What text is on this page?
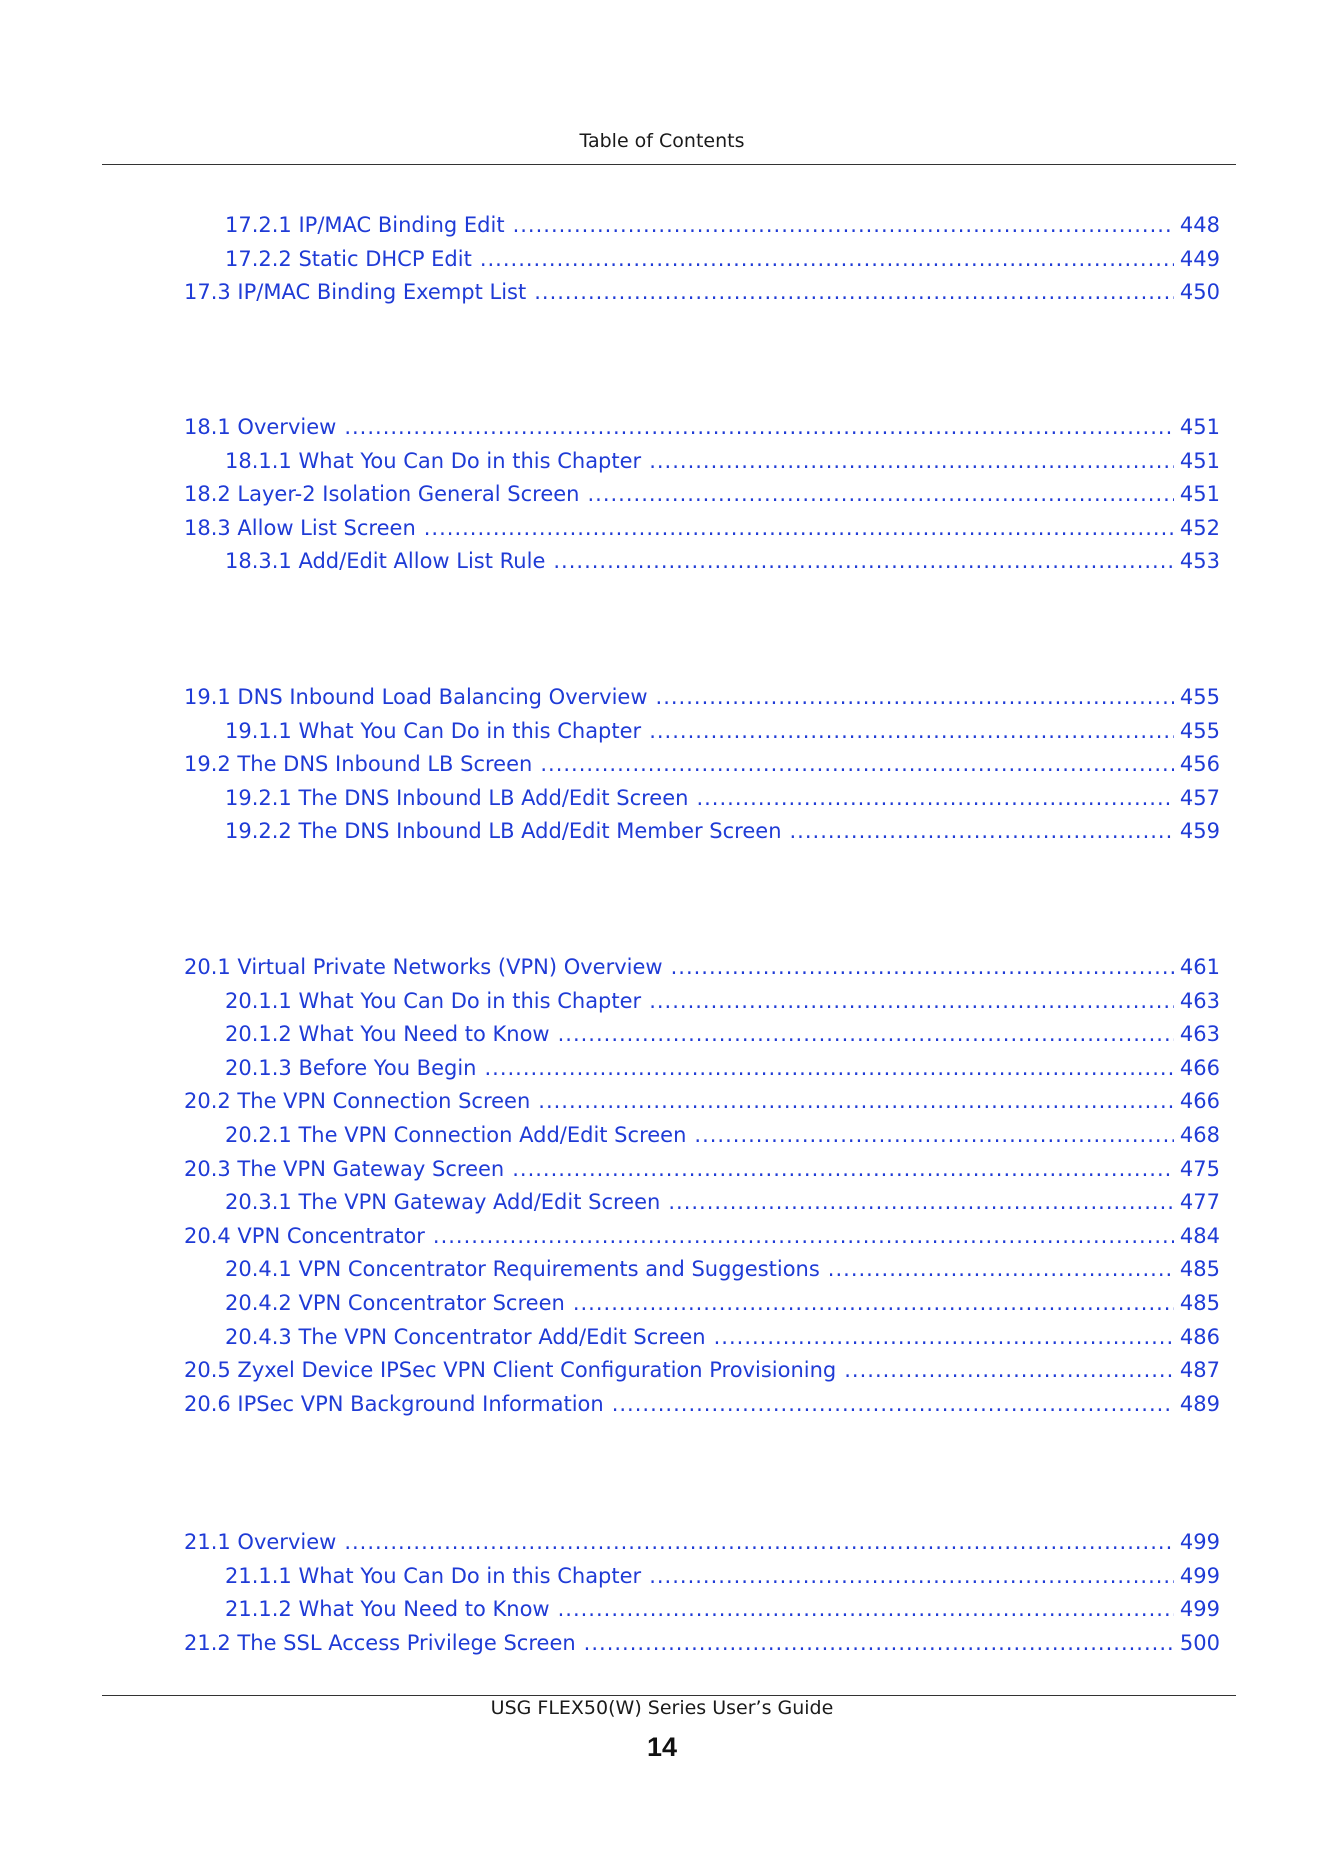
Table of Contents
17.2.1 IP/MAC Binding Edit .....	448
17.2.2 Static DHCP Edit .....	449
17.3 IP/MAC Binding Exempt List .....	450
18.1 Overview .....	451
18.1.1 What You Can Do in this Chapter .....	451
18.2 Layer-2 Isolation General Screen .....	451
18.3 Allow List Screen .....	452
18.3.1 Add/Edit Allow List Rule .....	453
19.1 DNS Inbound Load Balancing Overview .....	455
19.1.1 What You Can Do in this Chapter .....	455
19.2 The DNS Inbound LB Screen .....	456
19.2.1 The DNS Inbound LB Add/Edit Screen .....	457
19.2.2 The DNS Inbound LB Add/Edit Member Screen .....	459
20.1 Virtual Private Networks (VPN) Overview .....	461
20.1.1 What You Can Do in this Chapter .....	463
20.1.2 What You Need to Know .....	463
20.1.3 Before You Begin .....	466
20.2 The VPN Connection Screen .....	466
20.2.1 The VPN Connection Add/Edit Screen .....	468
20.3 The VPN Gateway Screen .....	475
20.3.1 The VPN Gateway Add/Edit Screen .....	477
20.4 VPN Concentrator .....	484
20.4.1 VPN Concentrator Requirements and Suggestions .....	485
20.4.2 VPN Concentrator Screen .....	485
20.4.3 The VPN Concentrator Add/Edit Screen .....	486
20.5 Zyxel Device IPSec VPN Client Configuration Provisioning .....	487
20.6 IPSec VPN Background Information .....	489
21.1 Overview .....	499
21.1.1 What You Can Do in this Chapter .....	499
21.1.2 What You Need to Know .....	499
21.2 The SSL Access Privilege Screen .....	500
USG FLEX50(W) Series User’s Guide
14
